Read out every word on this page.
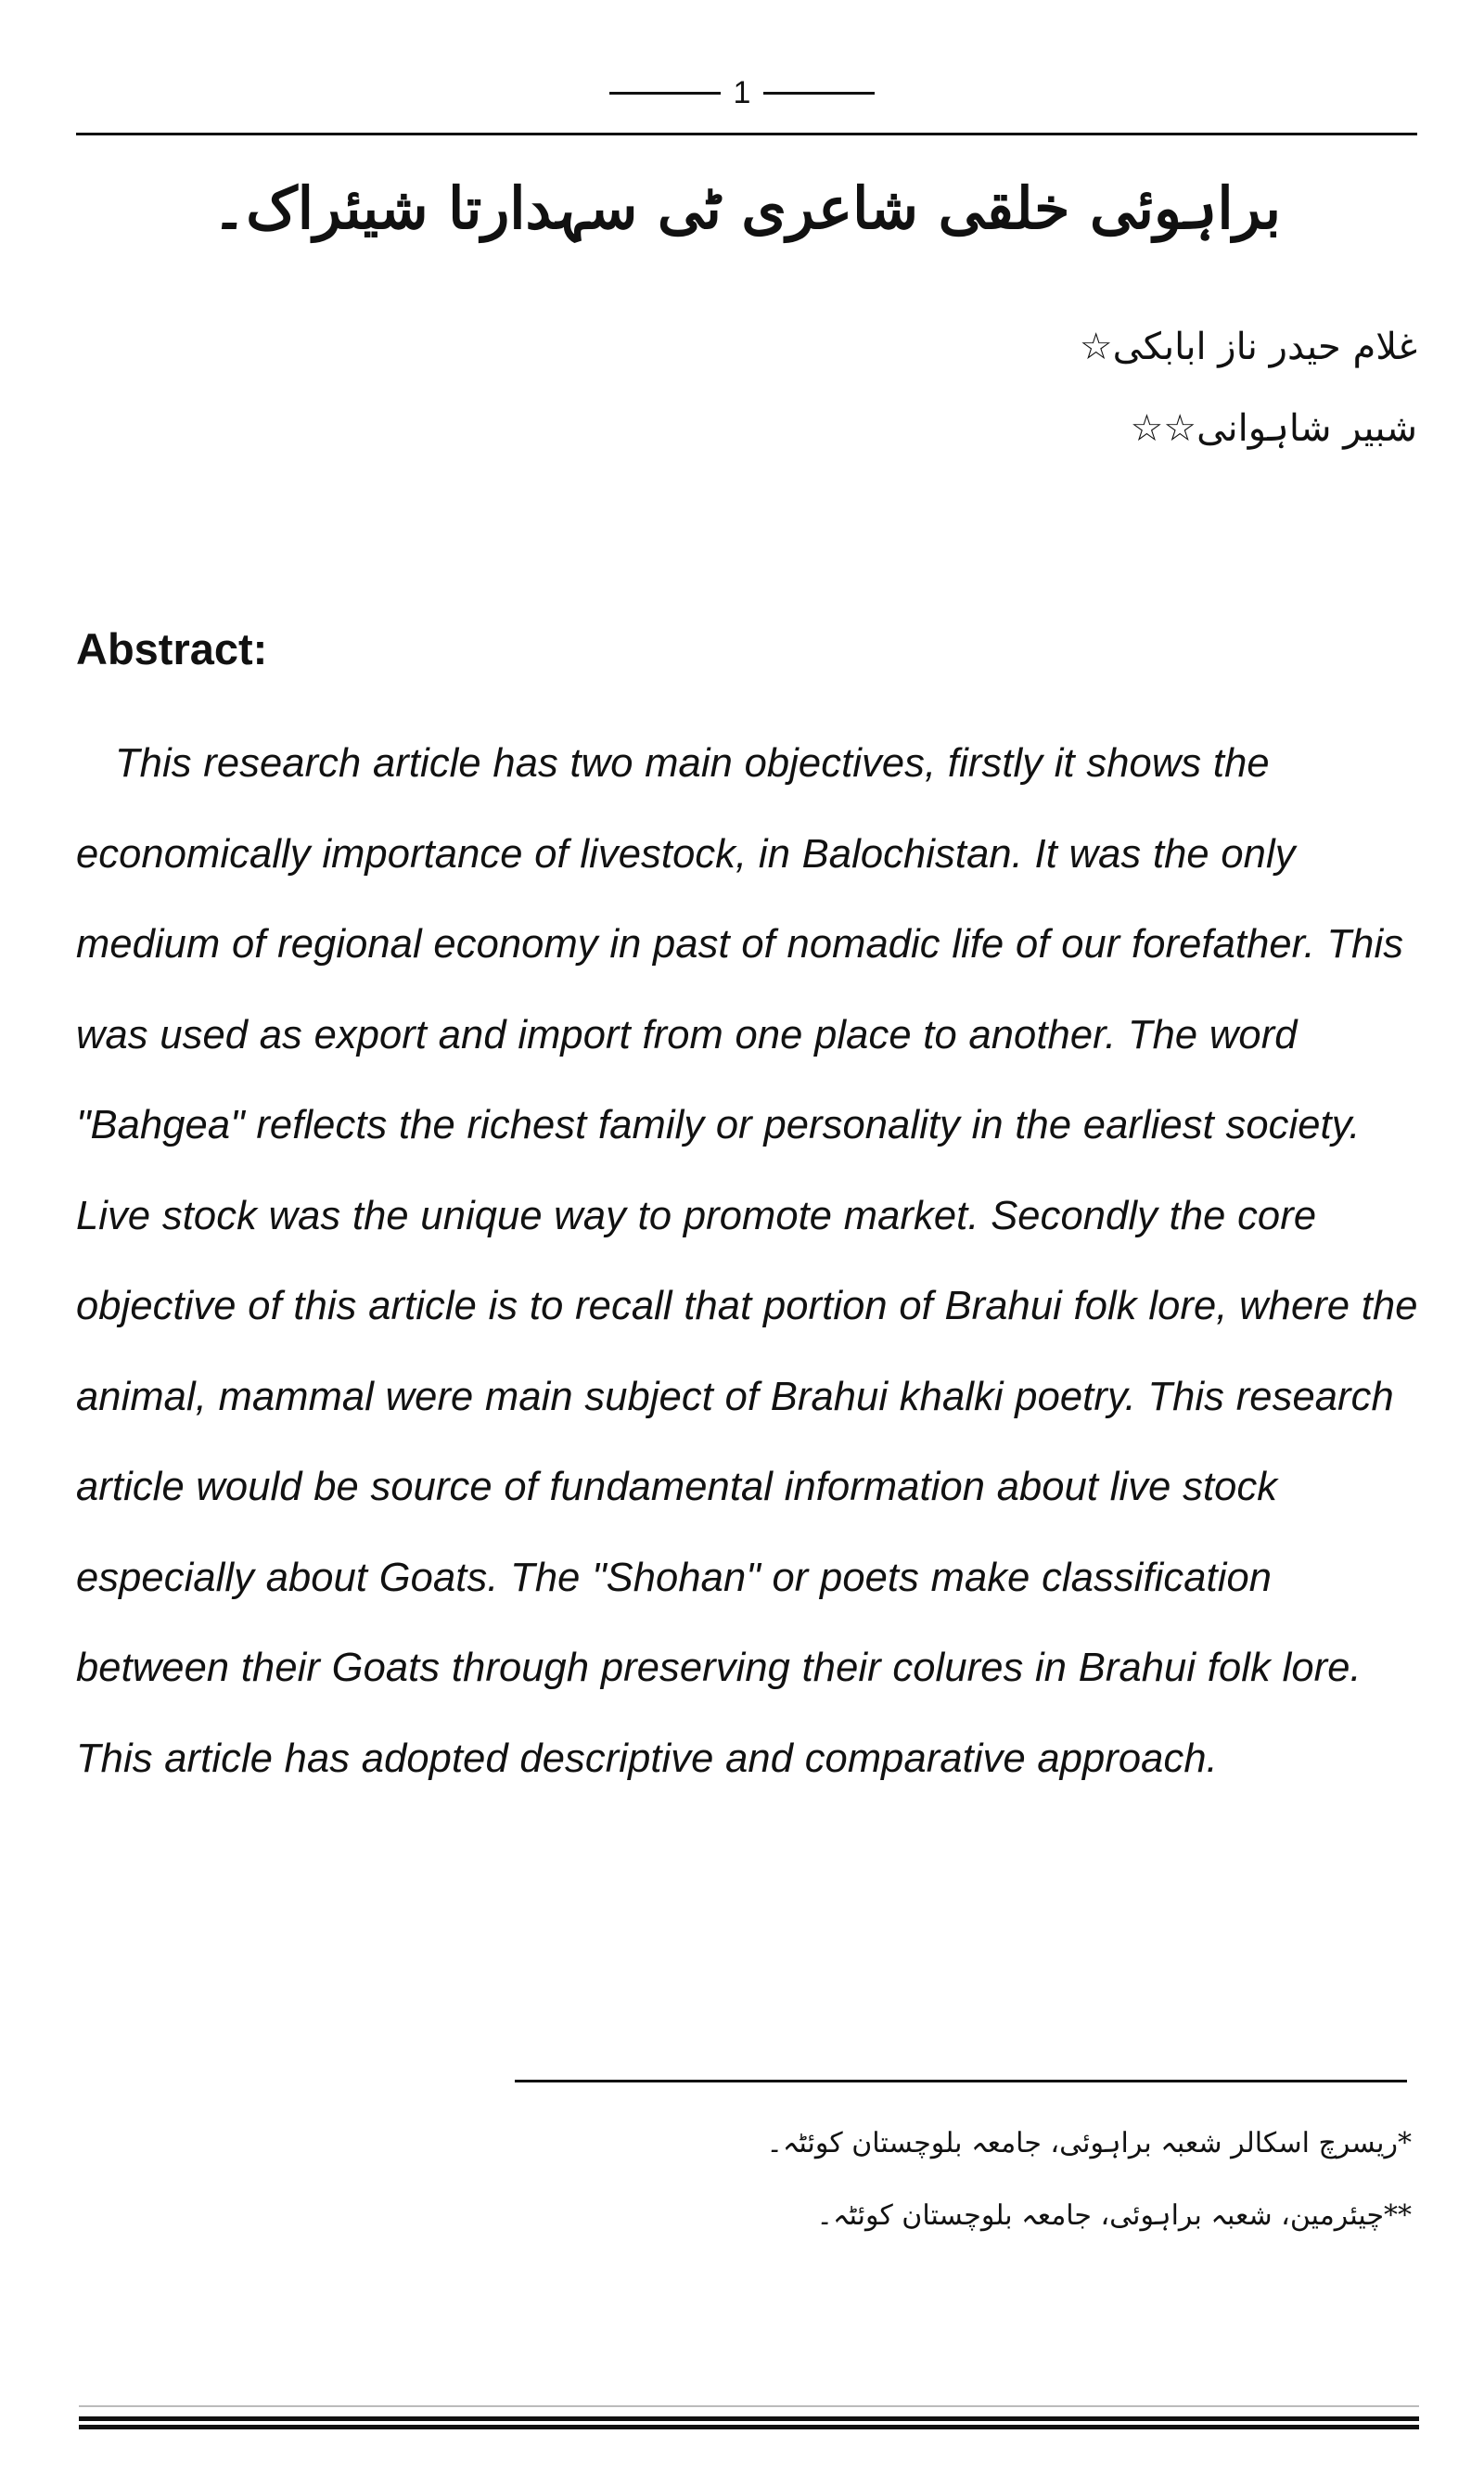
1
براہوئی خلقی شاعری ٹی سہدارتا شیئراک۔
غلام حیدر ناز ابابکی☆
شبیر شاہوانی☆☆
Abstract:

This research article has two main objectives, firstly it shows the economically importance of livestock, in Balochistan. It was the only medium of regional economy in past of nomadic life of our forefather. This was used as export and import from one place to another. The word "Bahgea" reflects the richest family or personality in the earliest society. Live stock was the unique way to promote market. Secondly the core objective of this article is to recall that portion of Brahui folk lore, where the animal, mammal were main subject of Brahui khalki poetry. This research article would be source of fundamental information about live stock especially about Goats. The "Shohan" or poets make classification between their Goats through preserving their colures in Brahui folk lore. This article has adopted descriptive and comparative approach.

*ریسرچ اسکالر شعبہ براہوئی، جامعہ بلوچستان کوئٹہ۔
**چیئرمین، شعبہ براہوئی، جامعہ بلوچستان کوئٹہ۔
